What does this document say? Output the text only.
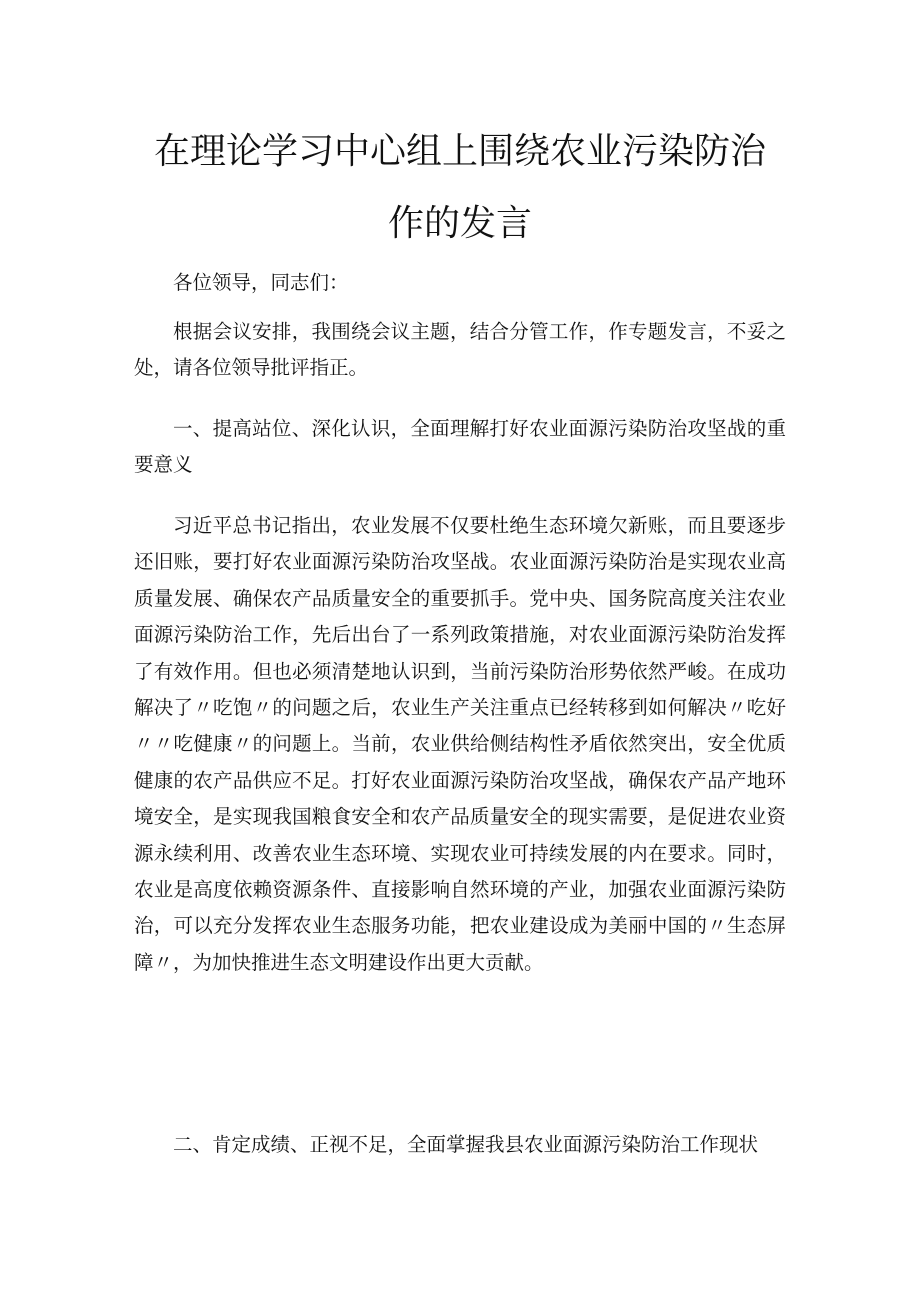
在理论学习中心组上围绕农业污染防治
作的发言
各位领导，同志们：
根据会议安排，我围绕会议主题，结合分管工作，作专题发言，不妥之处，请各位领导批评指正。
一、提高站位、深化认识，全面理解打好农业面源污染防治攻坚战的重要意义
习近平总书记指出，农业发展不仅要杜绝生态环境欠新账，而且要逐步还旧账，要打好农业面源污染防治攻坚战。农业面源污染防治是实现农业高质量发展、确保农产品质量安全的重要抓手。党中央、国务院高度关注农业面源污染防治工作，先后出台了一系列政策措施，对农业面源污染防治发挥了有效作用。但也必须清楚地认识到，当前污染防治形势依然严峻。在成功解决了〃吃饱〃的问题之后，农业生产关注重点已经转移到如何解决〃吃好〃〃吃健康〃的问题上。当前，农业供给侧结构性矛盾依然突出，安全优质健康的农产品供应不足。打好农业面源污染防治攻坚战，确保农产品产地环境安全，是实现我国粮食安全和农产品质量安全的现实需要，是促进农业资源永续利用、改善农业生态环境、实现农业可持续发展的内在要求。同时，农业是高度依赖资源条件、直接影响自然环境的产业，加强农业面源污染防治，可以充分发挥农业生态服务功能，把农业建设成为美丽中国的〃生态屏障〃，为加快推进生态文明建设作出更大贡献。
二、肯定成绩、正视不足，全面掌握我县农业面源污染防治工作现状
